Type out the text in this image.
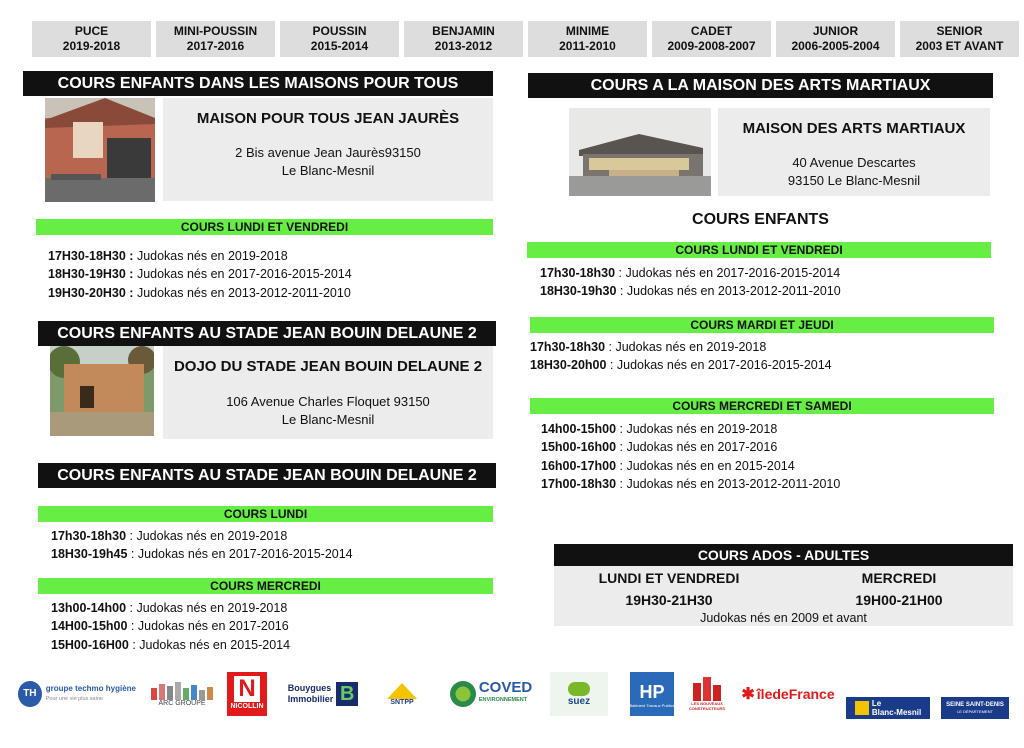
PUCE
2019-2018
MINI-POUSSIN
2017-2016
POUSSIN
2015-2014
BENJAMIN
2013-2012
MINIME
2011-2010
CADET
2009-2008-2007
JUNIOR
2006-2005-2004
SENIOR
2003 ET AVANT
COURS ENFANTS DANS LES MAISONS POUR TOUS
MAISON POUR TOUS JEAN JAURÈS
2 Bis avenue Jean Jaurès93150
Le Blanc-Mesnil
COURS LUNDI ET VENDREDI
17H30-18H30 : Judokas nés en 2019-2018
18H30-19H30 : Judokas nés en 2017-2016-2015-2014
19H30-20H30 : Judokas nés en 2013-2012-2011-2010
COURS ENFANTS AU STADE JEAN BOUIN DELAUNE 2
DOJO DU STADE JEAN BOUIN DELAUNE 2
106 Avenue Charles Floquet 93150
Le Blanc-Mesnil
COURS ENFANTS AU STADE JEAN BOUIN DELAUNE 2
COURS LUNDI
17h30-18h30 : Judokas nés en 2019-2018
18H30-19h45 : Judokas nés en 2017-2016-2015-2014
COURS MERCREDI
13h00-14h00 : Judokas nés en 2019-2018
14H00-15h00 : Judokas nés en 2017-2016
15H00-16H00 : Judokas nés en 2015-2014
COURS A LA MAISON DES ARTS MARTIAUX
MAISON DES ARTS MARTIAUX
40 Avenue Descartes
93150 Le Blanc-Mesnil
COURS ENFANTS
COURS LUNDI ET VENDREDI
17h30-18h30 : Judokas nés en 2017-2016-2015-2014
18H30-19h30 : Judokas nés en 2013-2012-2011-2010
COURS MARDI ET JEUDI
17h30-18h30 : Judokas nés en 2019-2018
18H30-20h00 : Judokas nés en 2017-2016-2015-2014
COURS MERCREDI ET SAMEDI
14h00-15h00 : Judokas nés en 2019-2018
15h00-16h00 : Judokas nés en 2017-2016
16h00-17h00 : Judokas nés en en 2015-2014
17h00-18h30 : Judokas nés en 2013-2012-2011-2010
COURS ADOS - ADULTES
LUNDI ET VENDREDI	MERCREDI
19H30-21H30	19H00-21H00
Judokas nés en 2009 et avant
TH	groupe techmo hygiène
Pour une vie plus saine
ARC GROUPE
N
NICOLLIN
Bouygues
Immobilier B	SNTPP
COVED
ENVIRONNEMENT	suez	HP
Batiment Travaux Publics	LES NOUVEAUX CONSTRUCTEURS
✱ îledeFrance
Le
Blanc-Mesnil
SEINE SAINT-DENIS
LE DÉPARTEMENT
